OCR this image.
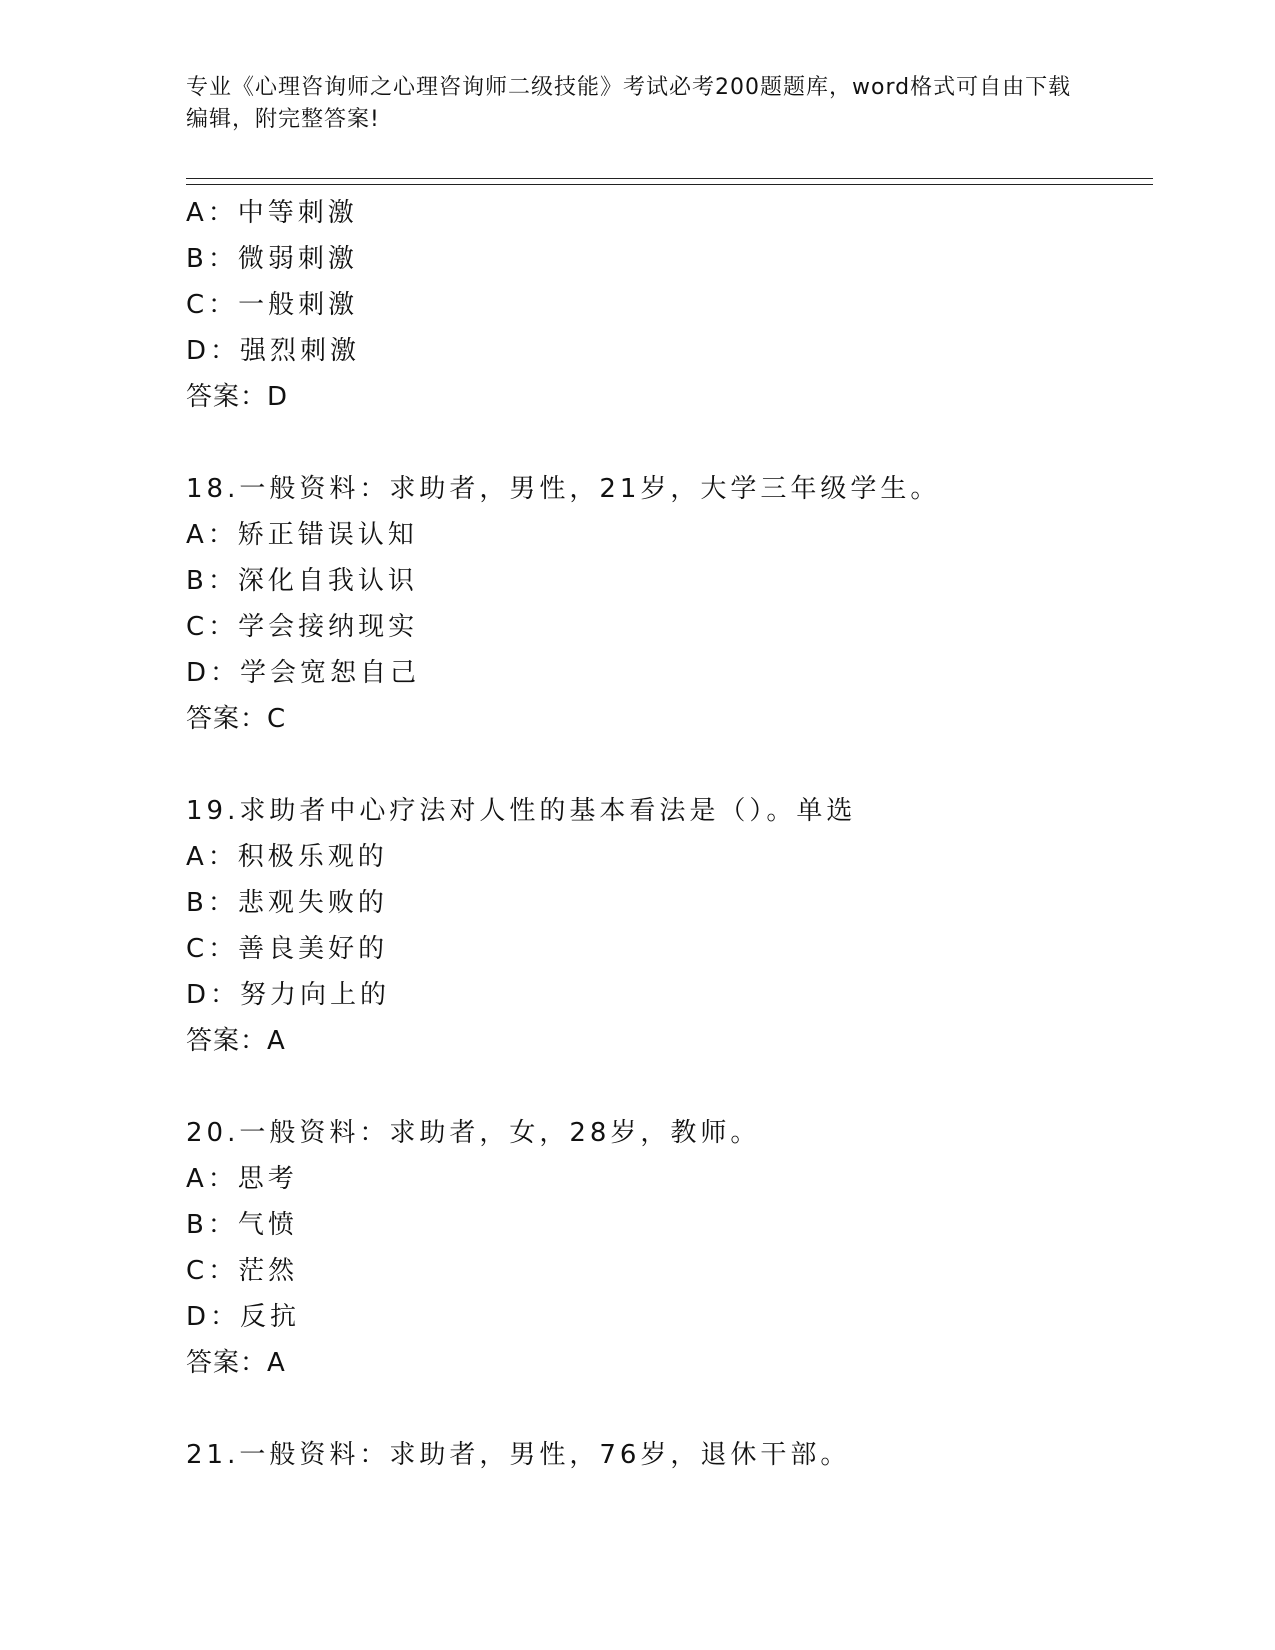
专业《心理咨询师之心理咨询师二级技能》考试必考200题题库，word格式可自由下载编辑，附完整答案!
A：中等刺激
B：微弱刺激
C：一般刺激
D：强烈刺激
答案：D
18.一般资料：求助者，男性，21岁，大学三年级学生。
A：矫正错误认知
B：深化自我认识
C：学会接纳现实
D：学会宽恕自己
答案：C
19.求助者中心疗法对人性的基本看法是（）。单选
A：积极乐观的
B：悲观失败的
C：善良美好的
D：努力向上的
答案：A
20.一般资料：求助者，女，28岁，教师。
A：思考
B：气愤
C：茫然
D：反抗
答案：A
21.一般资料：求助者，男性，76岁，退休干部。
